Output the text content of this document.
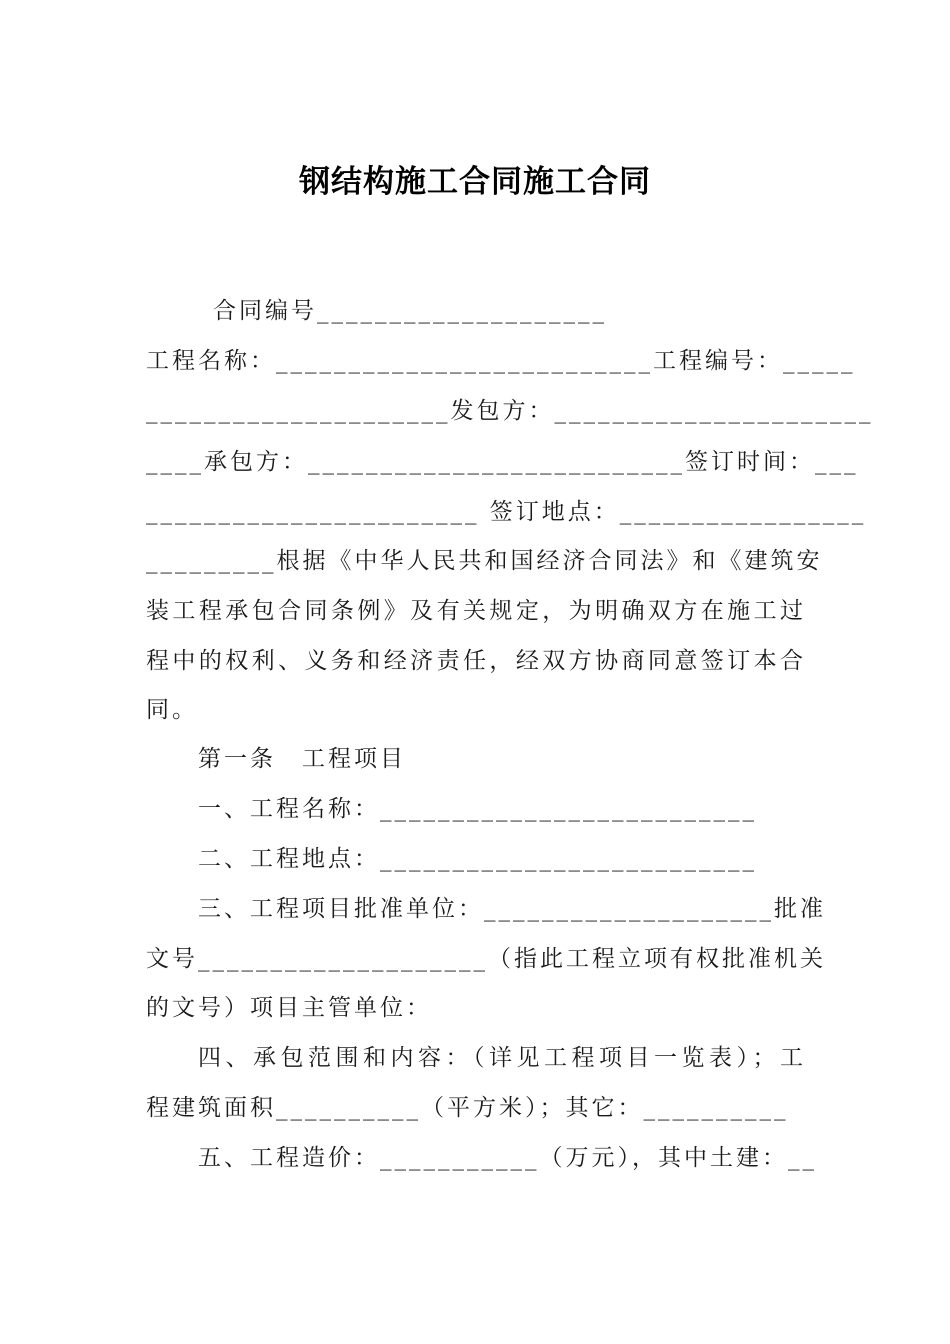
钢结构施工合同施工合同
合同编号____________________
工程名称：__________________________工程编号：_____
_____________________发包方：______________________
____承包方：__________________________签订时间：___
_______________________ 签订地点：_________________
_________根据《中华人民共和国经济合同法》和《建筑安
装工程承包合同条例》及有关规定，为明确双方在施工过
程中的权利、义务和经济责任，经双方协商同意签订本合
同。
第一条　工程项目
一、工程名称：__________________________
二、工程地点：__________________________
三、工程项目批准单位：____________________批准
文号____________________（指此工程立项有权批准机关
的文号）项目主管单位：
四、承包范围和内容：（详见工程项目一览表）；工
程建筑面积__________（平方米）；其它：__________
五、工程造价：___________（万元），其中土建：__
